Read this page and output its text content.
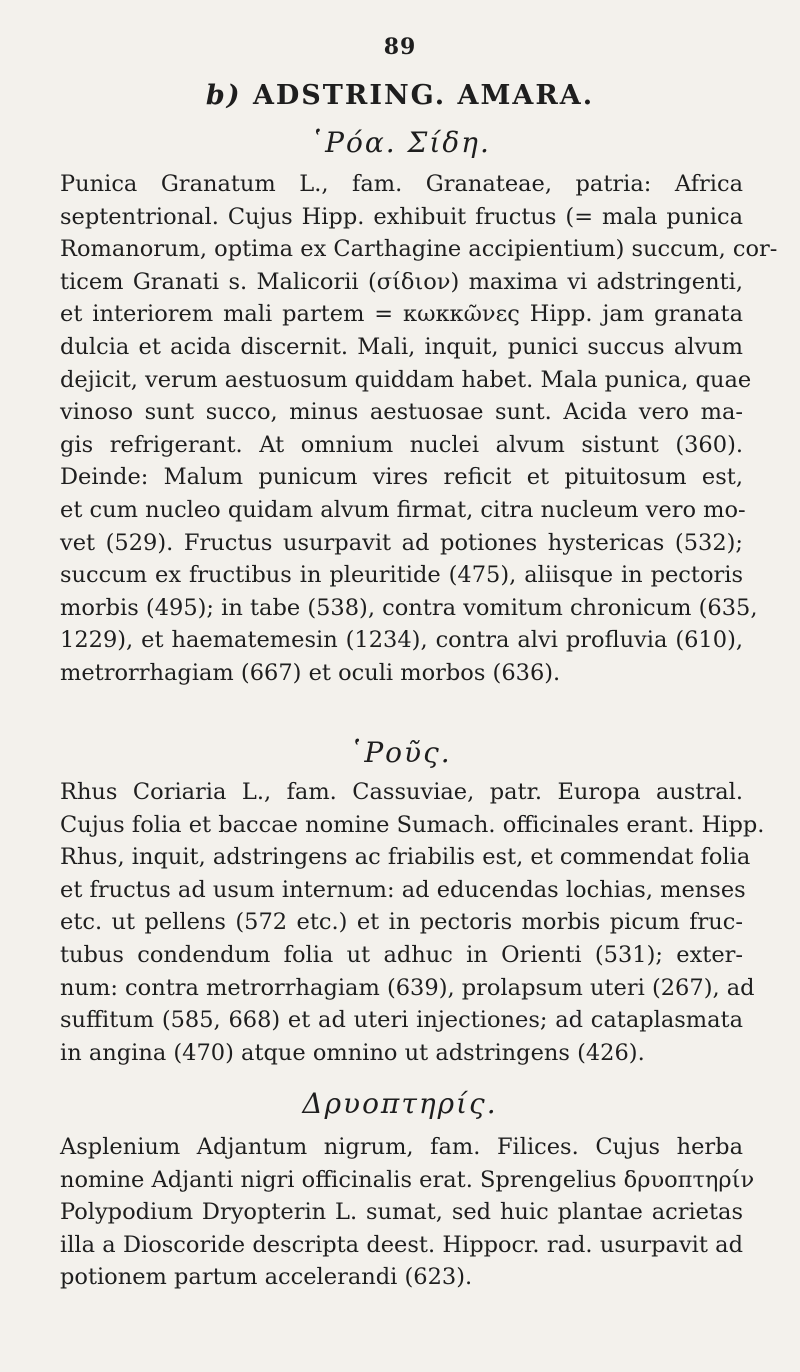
89
b) ADSTRING. AMARA.
῾Ρόα. Σίδη.
Punica Granatum L., fam. Granateae, patria: Africa
septentrional. Cujus Hipp. exhibuit fructus (= mala punica
Romanorum, optima ex Carthagine accipientium) succum, cor-
ticem Granati s. Malicorii (σίδιον) maxima vi adstringenti,
et interiorem mali partem = κωκκῶνες Hipp. jam granata
dulcia et acida discernit. Mali, inquit, punici succus alvum
dejicit, verum aestuosum quiddam habet. Mala punica, quae
vinoso sunt succo, minus aestuosae sunt. Acida vero ma-
gis refrigerant. At omnium nuclei alvum sistunt (360).
Deinde: Malum punicum vires reficit et pituitosum est,
et cum nucleo quidam alvum firmat, citra nucleum vero mo-
vet (529). Fructus usurpavit ad potiones hystericas (532);
succum ex fructibus in pleuritide (475), aliisque in pectoris
morbis (495); in tabe (538), contra vomitum chronicum (635,
1229), et haematemesin (1234), contra alvi profluvia (610),
metrorrhagiam (667) et oculi morbos (636).
῾Ροῦς.
Rhus Coriaria L., fam. Cassuviae, patr. Europa austral.
Cujus folia et baccae nomine Sumach. officinales erant. Hipp.
Rhus, inquit, adstringens ac friabilis est, et commendat folia
et fructus ad usum internum: ad educendas lochias, menses
etc. ut pellens (572 etc.) et in pectoris morbis picum fruc-
tubus condendum folia ut adhuc in Orienti (531); exter-
num: contra metrorrhagiam (639), prolapsum uteri (267), ad
suffitum (585, 668) et ad uteri injectiones; ad cataplasmata
in angina (470) atque omnino ut adstringens (426).
Δρυοπτηρίς.
Asplenium Adjantum nigrum, fam. Filices. Cujus herba
nomine Adjanti nigri officinalis erat. Sprengelius δρυοπτηρίν
Polypodium Dryopterin L. sumat, sed huic plantae acrietas
illa a Dioscoride descripta deest. Hippocr. rad. usurpavit ad
potionem partum accelerandi (623).
